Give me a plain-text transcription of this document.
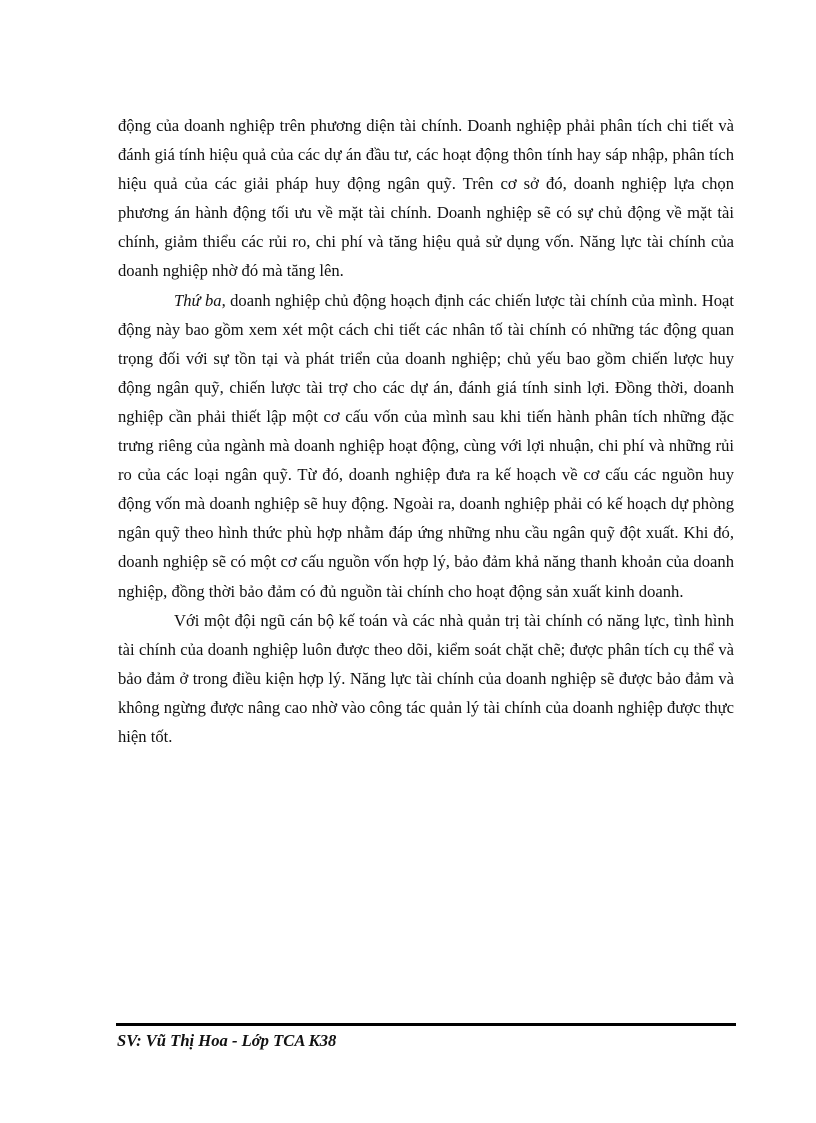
động của doanh nghiệp trên phương diện tài chính. Doanh nghiệp phải phân tích chi tiết và đánh giá tính hiệu quả của các dự án đầu tư, các hoạt động thôn tính hay sáp nhập, phân tích hiệu quả của các giải pháp huy động ngân quỹ. Trên cơ sở đó, doanh nghiệp lựa chọn phương án hành động tối ưu về mặt tài chính. Doanh nghiệp sẽ có sự chủ động về mặt tài chính, giảm thiểu các rủi ro, chi phí và tăng hiệu quả sử dụng vốn. Năng lực tài chính của doanh nghiệp nhờ đó mà tăng lên.

Thứ ba, doanh nghiệp chủ động hoạch định các chiến lược tài chính của mình. Hoạt động này bao gồm xem xét một cách chi tiết các nhân tố tài chính có những tác động quan trọng đối với sự tồn tại và phát triển của doanh nghiệp; chủ yếu bao gồm chiến lược huy động ngân quỹ, chiến lược tài trợ cho các dự án, đánh giá tính sinh lợi. Đồng thời, doanh nghiệp cần phải thiết lập một cơ cấu vốn của mình sau khi tiến hành phân tích những đặc trưng riêng của ngành mà doanh nghiệp hoạt động, cùng với lợi nhuận, chi phí và những rủi ro của các loại ngân quỹ. Từ đó, doanh nghiệp đưa ra kế hoạch về cơ cấu các nguồn huy động vốn mà doanh nghiệp sẽ huy động. Ngoài ra, doanh nghiệp phải có kế hoạch dự phòng ngân quỹ theo hình thức phù hợp nhằm đáp ứng những nhu cầu ngân quỹ đột xuất. Khi đó, doanh nghiệp sẽ có một cơ cấu nguồn vốn hợp lý, bảo đảm khả năng thanh khoản của doanh nghiệp, đồng thời bảo đảm có đủ nguồn tài chính cho hoạt động sản xuất kinh doanh.

Với một đội ngũ cán bộ kế toán và các nhà quản trị tài chính có năng lực, tình hình tài chính của doanh nghiệp luôn được theo dõi, kiểm soát chặt chẽ; được phân tích cụ thể và bảo đảm ở trong điều kiện hợp lý. Năng lực tài chính của doanh nghiệp sẽ được bảo đảm và không ngừng được nâng cao nhờ vào công tác quản lý tài chính của doanh nghiệp được thực hiện tốt.

SV: Vũ Thị Hoa - Lớp TCA K38
